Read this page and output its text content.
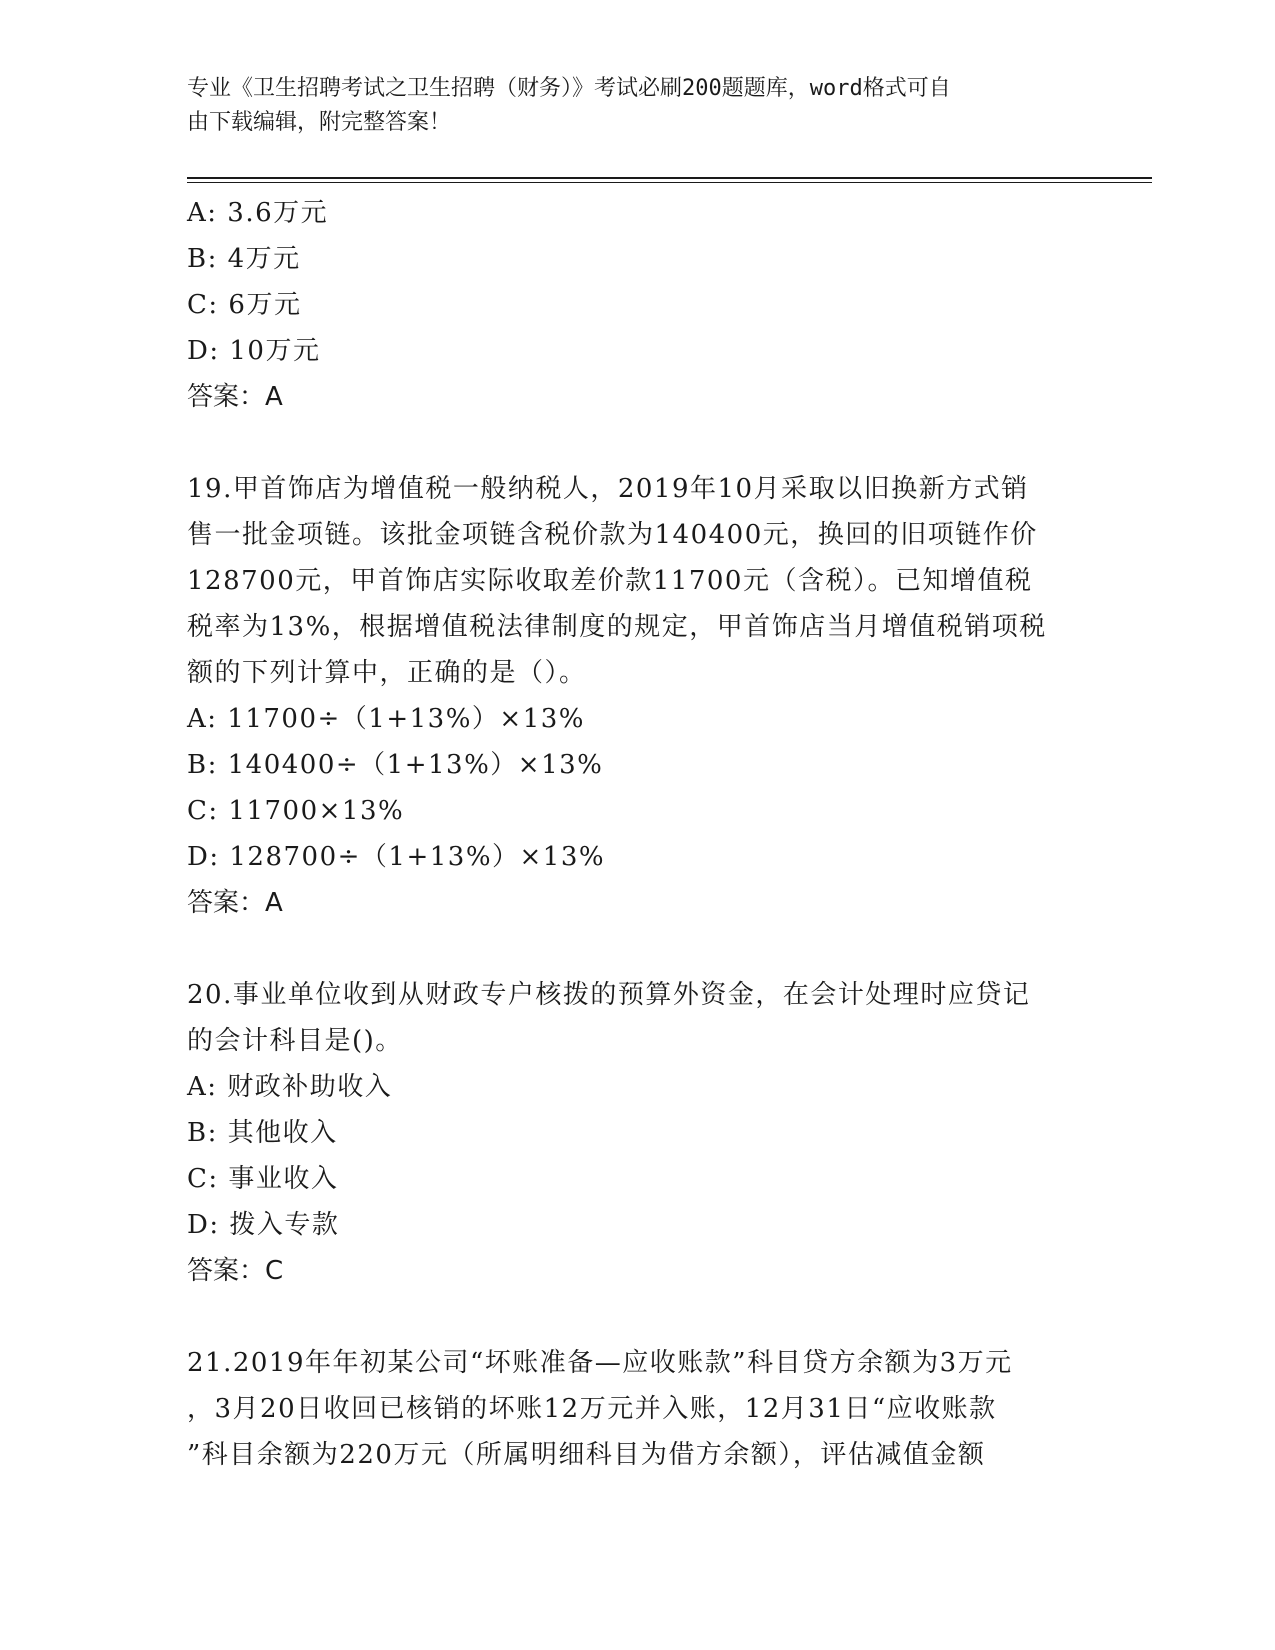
专业《卫生招聘考试之卫生招聘（财务）》考试必刷200题题库，word格式可自
由下载编辑，附完整答案！
A: 3.6万元
B: 4万元
C: 6万元
D: 10万元
答案：A
19.甲首饰店为增值税一般纳税人，2019年10月采取以旧换新方式销
售一批金项链。该批金项链含税价款为140400元，换回的旧项链作价
128700元，甲首饰店实际收取差价款11700元（含税）。已知增值税
税率为13%，根据增值税法律制度的规定，甲首饰店当月增值税销项税
额的下列计算中，正确的是（）。
A: 11700÷（1+13%）×13%
B: 140400÷（1+13%）×13%
C: 11700×13%
D: 128700÷（1+13%）×13%
答案：A
20.事业单位收到从财政专户核拨的预算外资金，在会计处理时应贷记
的会计科目是()。
A: 财政补助收入
B: 其他收入
C: 事业收入
D: 拨入专款
答案：C
21.2019年年初某公司“坏账准备—应收账款”科目贷方余额为3万元
，3月20日收回已核销的坏账12万元并入账，12月31日“应收账款
”科目余额为220万元（所属明细科目为借方余额），评估减值金额
